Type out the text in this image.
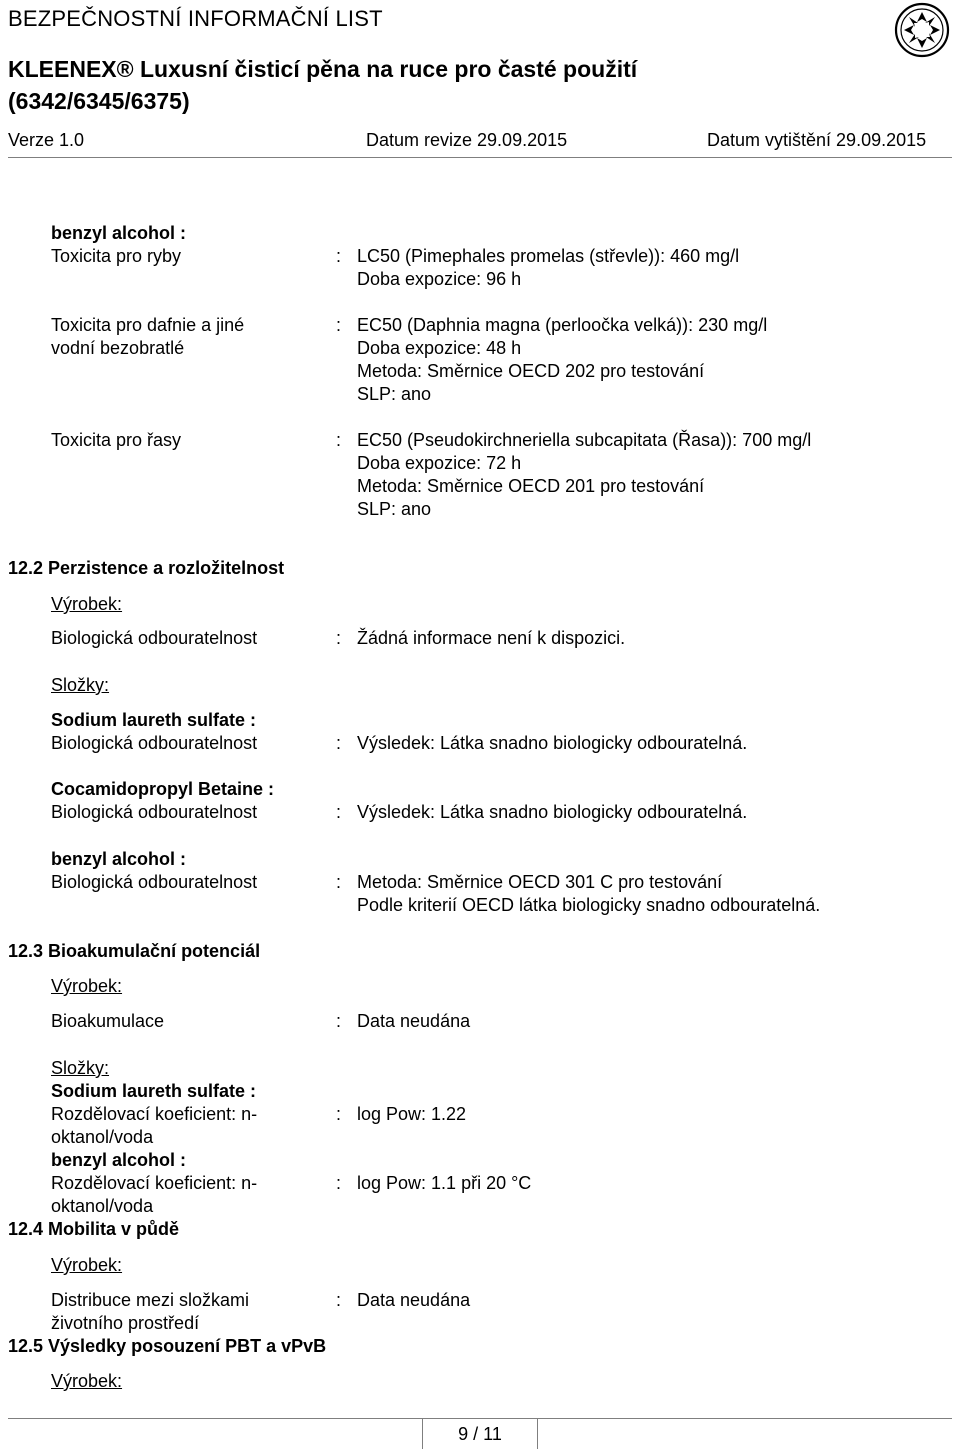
BEZPEČNOSTNÍ INFORMAČNÍ LIST
KLEENEX® Luxusní čisticí pěna na ruce pro časté použití
(6342/6345/6375)
Verze 1.0	Datum revize 29.09.2015	Datum vytištění 29.09.2015
benzyl alcohol :
Toxicita pro ryby	: LC50 (Pimephales promelas (střevle)): 460 mg/l
Doba expozice: 96 h
Toxicita pro dafnie a jiné
vodní bezobratlé
: EC50 (Daphnia magna (perloočka velká)): 230 mg/l
Doba expozice: 48 h
Metoda: Směrnice OECD 202 pro testování
SLP: ano
Toxicita pro řasy	: EC50 (Pseudokirchneriella subcapitata (Řasa)): 700 mg/l
Doba expozice: 72 h
Metoda: Směrnice OECD 201 pro testování
SLP: ano
12.2 Perzistence a rozložitelnost
Výrobek:
Biologická odbouratelnost	: Žádná informace není k dispozici.
Složky:
Sodium laureth sulfate :
Biologická odbouratelnost	: Výsledek: Látka snadno biologicky odbouratelná.
Cocamidopropyl Betaine :
Biologická odbouratelnost	: Výsledek: Látka snadno biologicky odbouratelná.
benzyl alcohol :
Biologická odbouratelnost	: Metoda: Směrnice OECD 301 C pro testování
Podle kriterií OECD látka biologicky snadno odbouratelná.
12.3 Bioakumulační potenciál
Výrobek:
Bioakumulace	: Data neudána
Složky:
Sodium laureth sulfate :
Rozdělovací koeficient: n-
oktanol/voda
: log Pow: 1.22
benzyl alcohol :
Rozdělovací koeficient: n-
oktanol/voda
: log Pow: 1.1 při 20 °C
12.4 Mobilita v půdě
Výrobek:
Distribuce mezi složkami
životního prostředí
: Data neudána
12.5 Výsledky posouzení PBT a vPvB
Výrobek:
9 / 11
